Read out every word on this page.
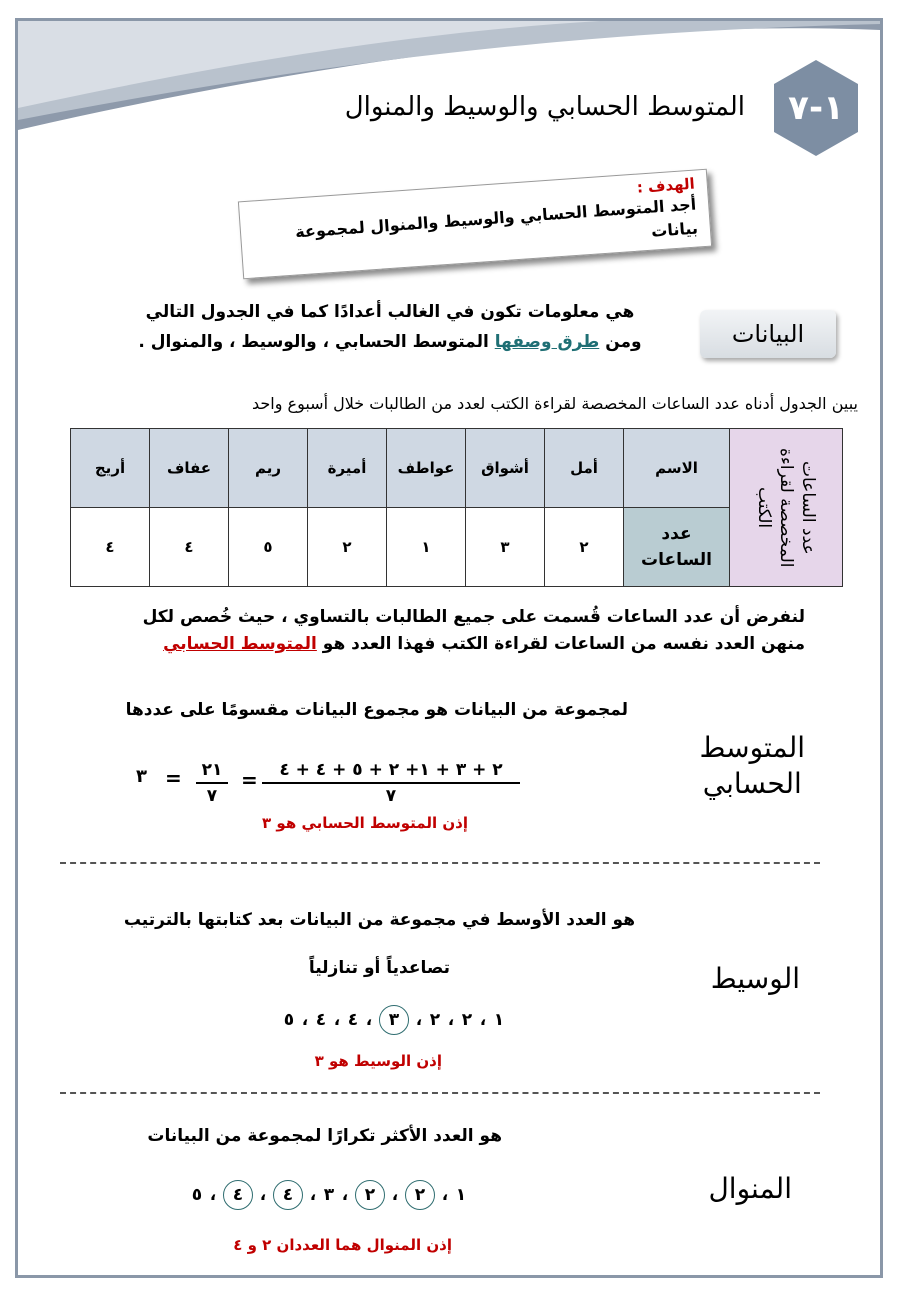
١-٧
المتوسط الحسابي والوسيط والمنوال
الهدف :
أجد المتوسط الحسابي والوسيط والمنوال لمجموعة بيانات
البيانات
هي معلومات تكون في الغالب أعدادًا كما في الجدول التالي
ومن طرق وصفها المتوسط الحسابي ، والوسيط ، والمنوال .
يبين الجدول أدناه عدد الساعات المخصصة لقراءة الكتب لعدد من الطالبات خلال أسبوع واحد
عدد الساعات المخصصة لقراءة الكتب	الاسم	أمل	أشواق	عواطف	أميرة	ريم	عفاف	أريج
	عدد الساعات	٢	٣	١	٢	٥	٤	٤
لنفرض أن عدد الساعات قُسمت على جميع الطالبات بالتساوي ، حيث خُصص لكل
منهن العدد نفسه من الساعات لقراءة الكتب فهذا العدد هو المتوسط الحسابي
المتوسط
الحسابي
لمجموعة من البيانات هو مجموع البيانات مقسومًا على عددها
٢ + ٣ + ١+ ٢ + ٥ + ٤ + ٤
٧
=
٢١
٧
=
٣
إذن المتوسط الحسابي هو ٣
الوسيط
هو العدد الأوسط في مجموعة من البيانات بعد كتابتها بالترتيب
تصاعدياً أو تنازلياً
١
،
٢
،
٢
،
٣
،
٤
،
٤
،
٥
إذن الوسيط هو ٣
المنوال
هو العدد الأكثر تكرارًا لمجموعة من البيانات
١
،
٢
،
٢
،
٣
،
٤
،
٤
،
٥
إذن المنوال هما العددان ٢ و ٤
